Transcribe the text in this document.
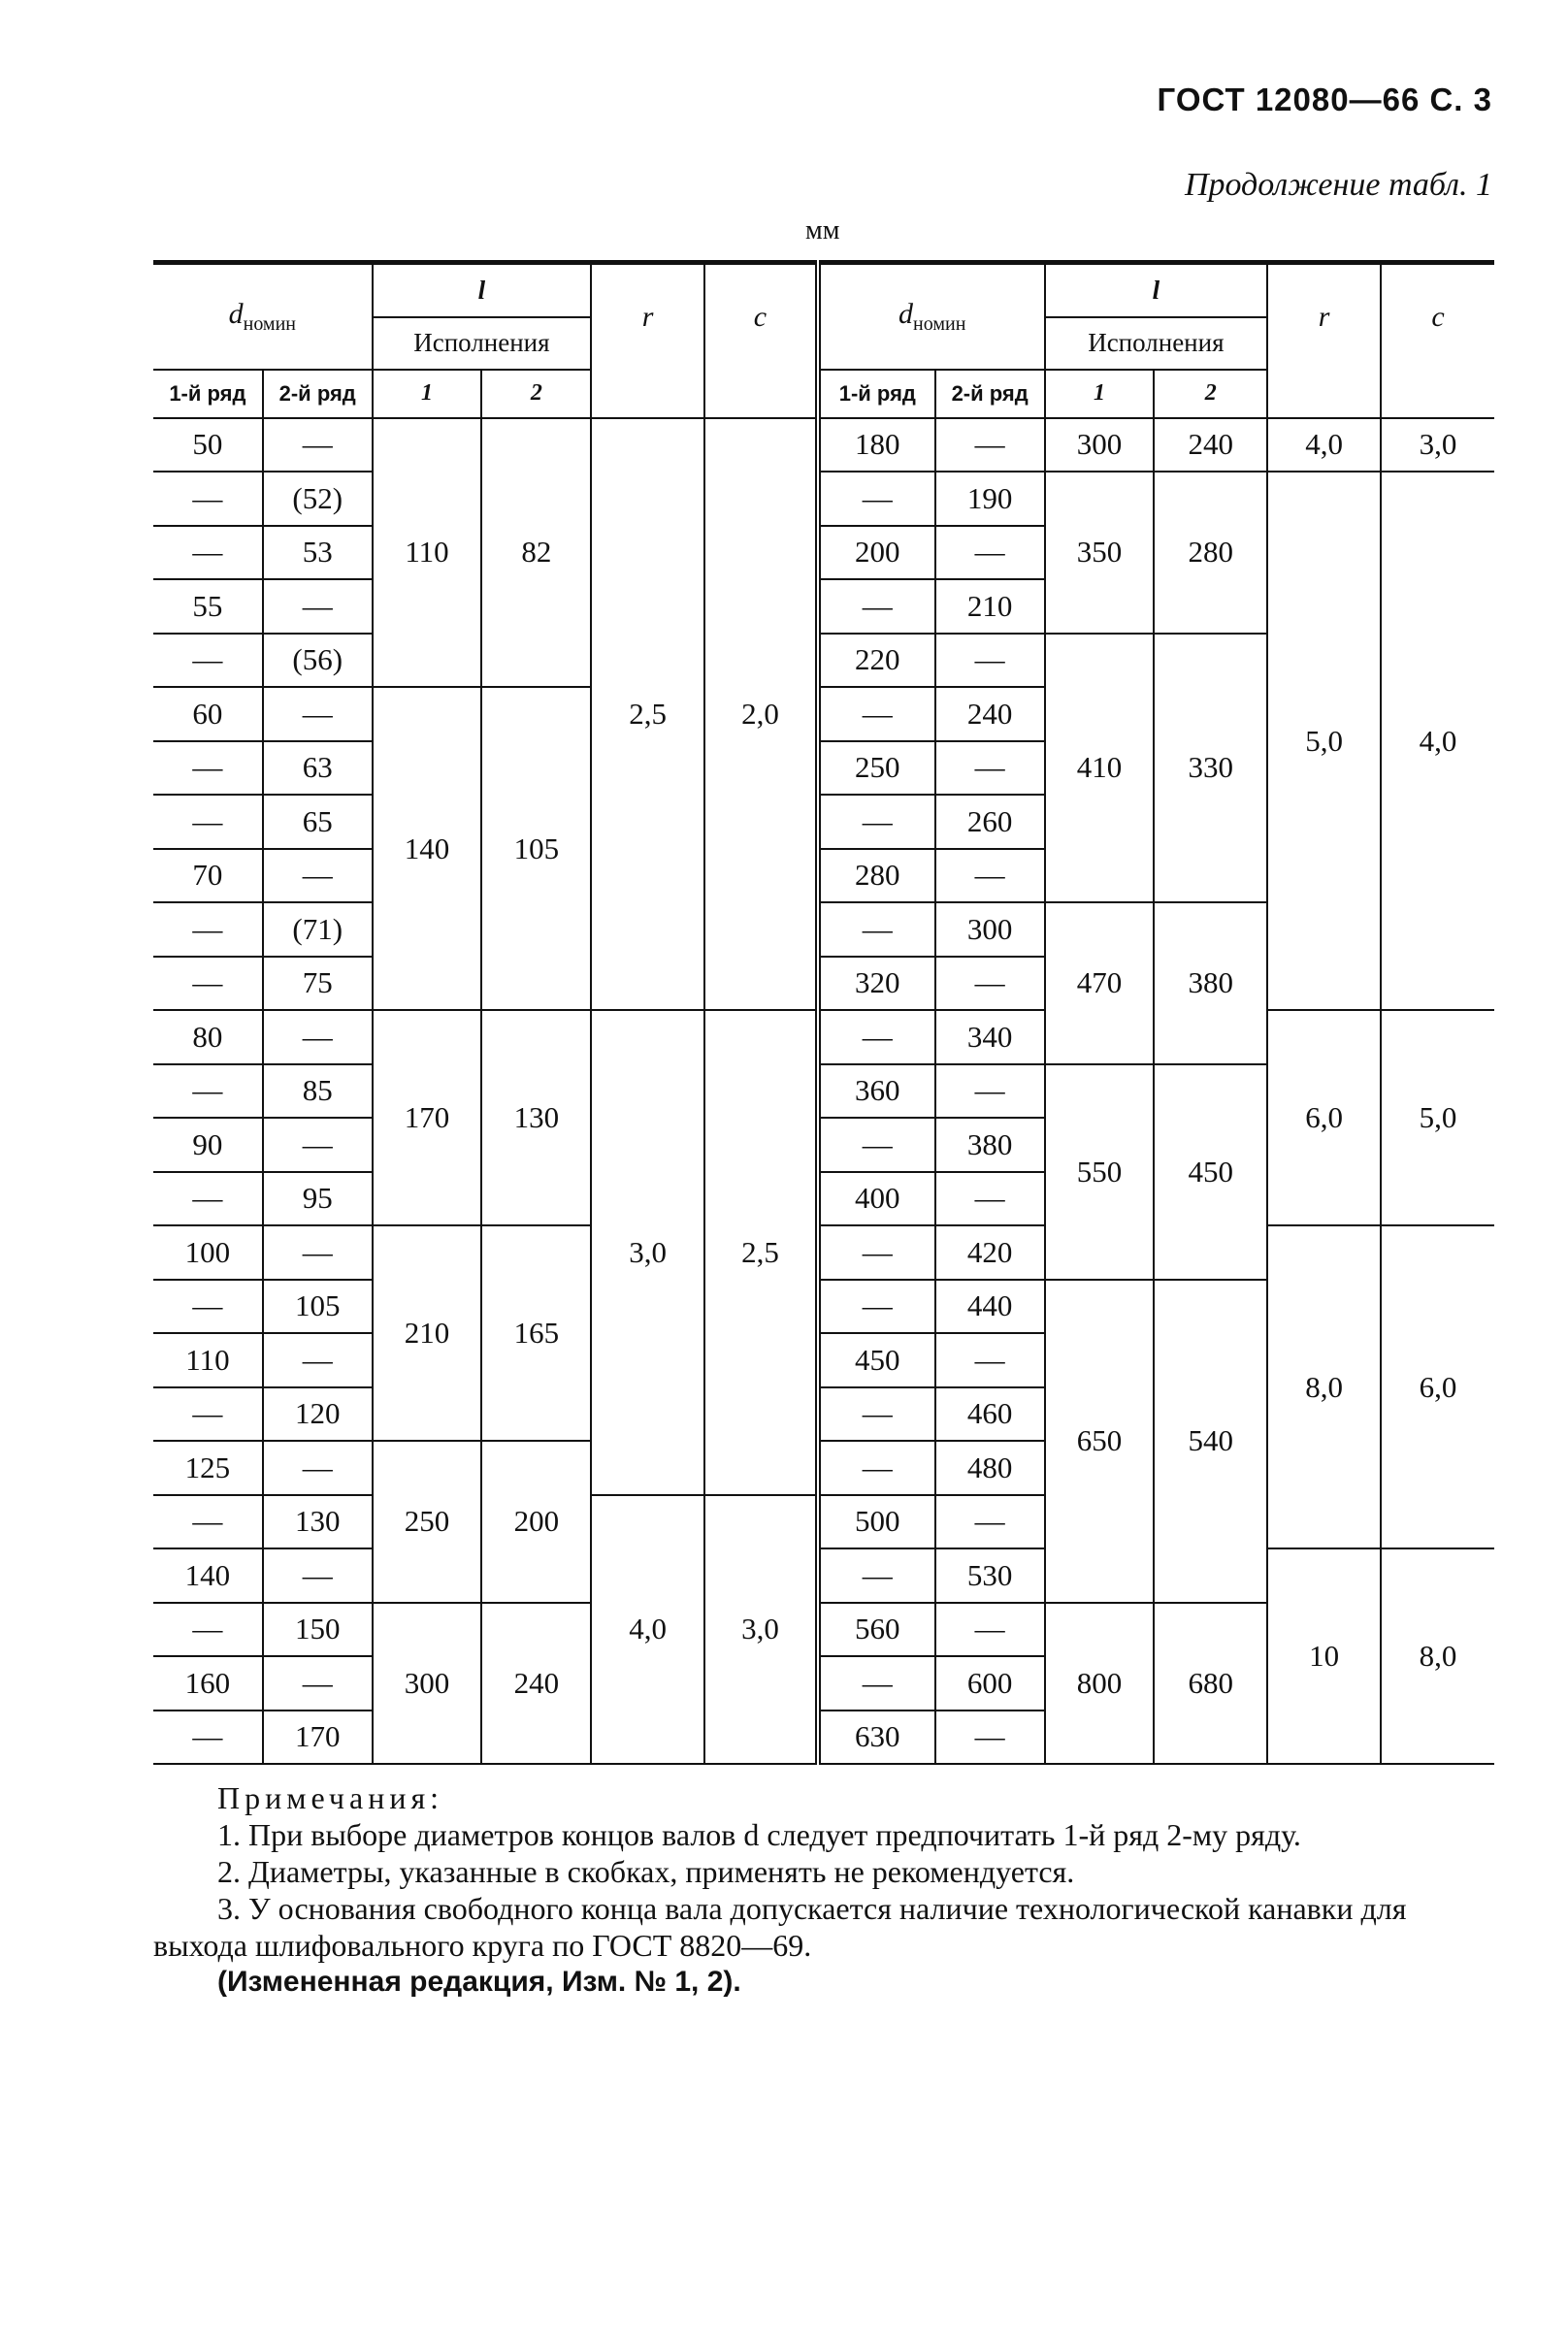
ГОСТ 12080—66 С. 3
Продолжение табл. 1
мм
$d_{номин}$		l		r	c	$d_{номин}$		l		r	c
		Исполнения						Исполнения			
1-й ряд	2-й ряд	1	2			1-й ряд	2-й ряд	1	2		
50	—	110	82	2,5	2,0	180	—	300	240	4,0	3,0
—	(52)					—	190	350	280	5,0	4,0
—	53					200	—				
55	—					—	210				
—	(56)					220	—	410	330		
60	—	140	105			—	240				
—	63					250	—				
—	65					—	260				
70	—					280	—				
—	(71)					—	300	470	380		
—	75					320	—				
80	—	170	130	3,0	2,5	—	340			6,0	5,0
—	85					360	—	550	450		
90	—					—	380				
—	95					400	—				
100	—	210	165			—	420			8,0	6,0
—	105					—	440	650	540		
110	—					450	—				
—	120					—	460				
125	—	250	200			—	480				
—	130			4,0	3,0	500	—				
140	—					—	530			10	8,0
—	150	300	240			560	—	800	680		
160	—					—	600				
—	170					630	—				

Примечания:

1. При выборе диаметров концов валов d следует предпочитать 1-й ряд 2-му ряду.

2. Диаметры, указанные в скобках, применять не рекомендуется.

3. У основания свободного конца вала допускается наличие технологической канавки для выхода шлифовального круга по ГОСТ 8820—69.

(Измененная редакция, Изм. № 1, 2).
